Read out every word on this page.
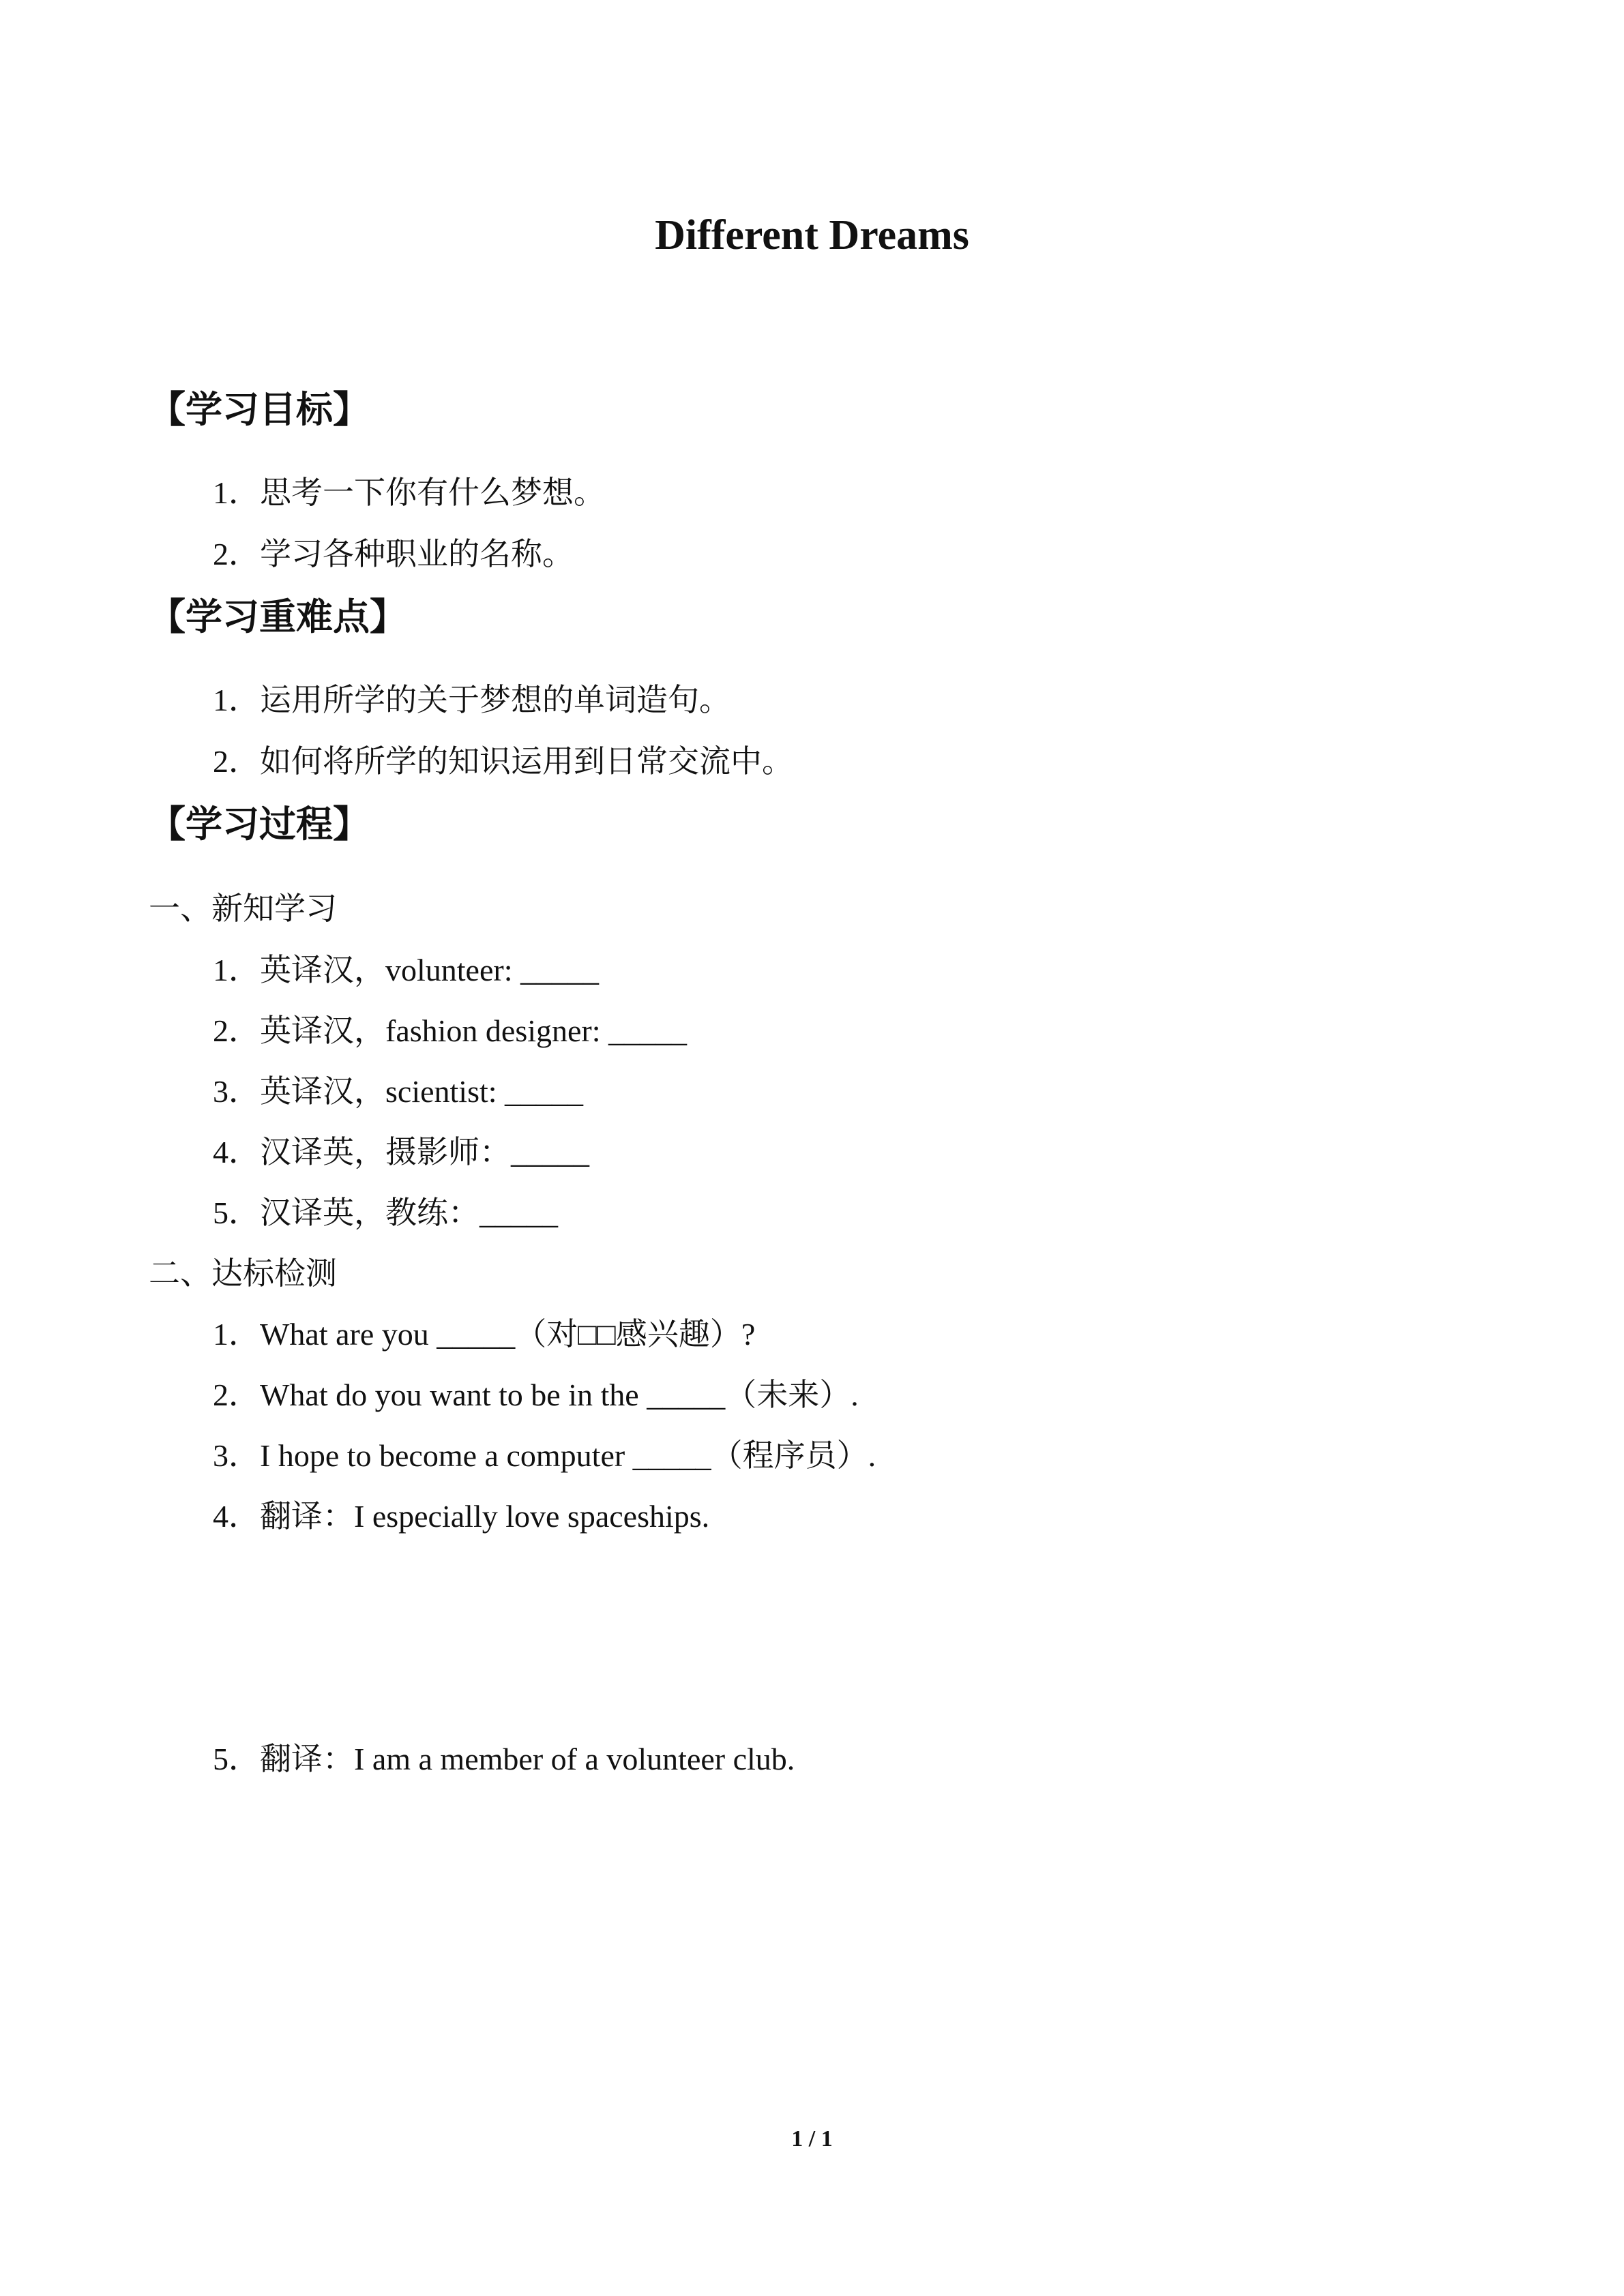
Different Dreams
【学习目标】
1．思考一下你有什么梦想。
2．学习各种职业的名称。
【学习重难点】
1．运用所学的关于梦想的单词造句。
2．如何将所学的知识运用到日常交流中。
【学习过程】
一、新知学习
1．英译汉，volunteer: _____
2．英译汉，fashion designer: _____
3．英译汉，scientist: _____
4．汉译英，摄影师：_____
5．汉译英，教练：_____
二、达标检测
1．What are you _____（对□□感兴趣）?
2．What do you want to be in the _____（未来）.
3．I hope to become a computer _____（程序员）.
4．翻译：I especially love spaceships.
5．翻译：I am a member of a volunteer club.
1 / 1
